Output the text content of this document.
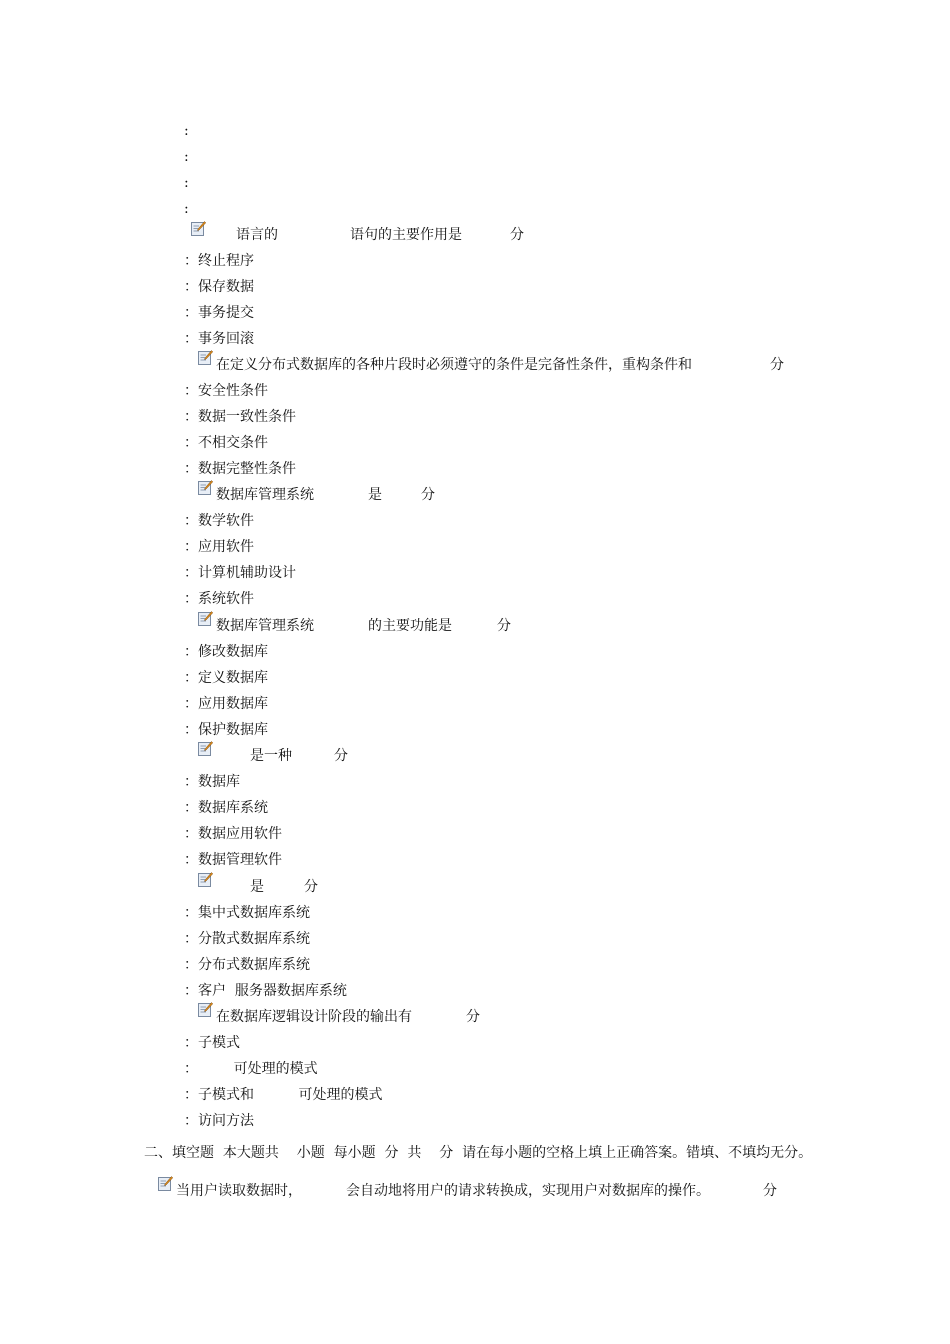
:
:
:
:
语言的	语句的主要作用是	分
：终止程序
：保存数据
：事务提交
：事务回滚
在定义分布式数据库的各种片段时必须遵守的条件是完备性条件，重构条件和	分
：安全性条件
：数据一致性条件
：不相交条件
：数据完整性条件
数据库管理系统	是	分
：数学软件
：应用软件
：计算机辅助设计
：系统软件
数据库管理系统	的主要功能是	分
：修改数据库
：定义数据库
：应用数据库
：保护数据库
是一种	分
：数据库
：数据库系统
：数据应用软件
：数据管理软件
是	分
：集中式数据库系统
：分散式数据库系统
：分布式数据库系统
：客户  服务器数据库系统
在数据库逻辑设计阶段的输出有	分
：子模式
：        可处理的模式
：子模式和          可处理的模式
：访问方法
二、填空题  本大题共    小题  每小题  分  共    分  请在每小题的空格上填上正确答案。错填、不填均无分。
当用户读取数据时，	会自动地将用户的请求转换成，实现用户对数据库的操作。	分
